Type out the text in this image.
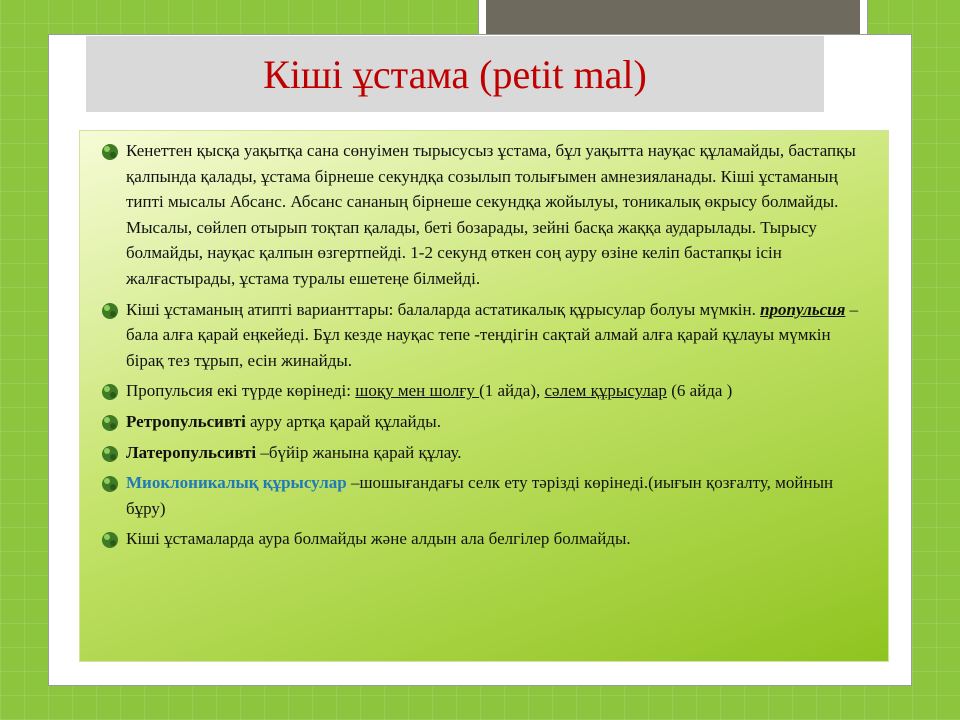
Кіші ұстама (petit mal)
Кенеттен қысқа уақытқа сана сөнуімен тырысусыз ұстама, бұл уақытта науқас құламайды, бастапқы қалпында қалады, ұстама бірнеше секундқа созылып толығымен амнезияланады. Кіші ұстаманың типті мысалы Абсанс. Абсанс сананың бірнеше секундқа жойылуы, тоникалық өкрысу болмайды. Мысалы, сөйлеп отырып тоқтап қалады, беті бозарады, зейні басқа жаққа аударылады. Тырысу болмайды, науқас қалпын өзгертпейді. 1-2 секунд өткен соң ауру өзіне келіп бастапқы ісін жалғастырады, ұстама туралы ешетеңе білмейді.
Кіші ұстаманың атипті варианттары: балаларда астатикалық құрысулар болуы мүмкін. пропульсия –бала алға қарай еңкейеді. Бұл кезде науқас тепе -теңдігін сақтай алмай алға қарай құлауы мүмкін бірақ тез тұрып, есін жинайды.
Пропульсия екі түрде көрінеді: шоқу мен шолғу (1 айда), сәлем құрысулар (6 айда )
Ретропульсивті ауру артқа қарай құлайды.
Латеропульсивті –бүйір жанына қарай құлау.
Миоклоникалық құрысулар –шошығандағы селк ету тәрізді көрінеді.(иығын қозғалту, мойнын бұру)
Кіші ұстамаларда аура болмайды және алдын ала белгілер болмайды.
